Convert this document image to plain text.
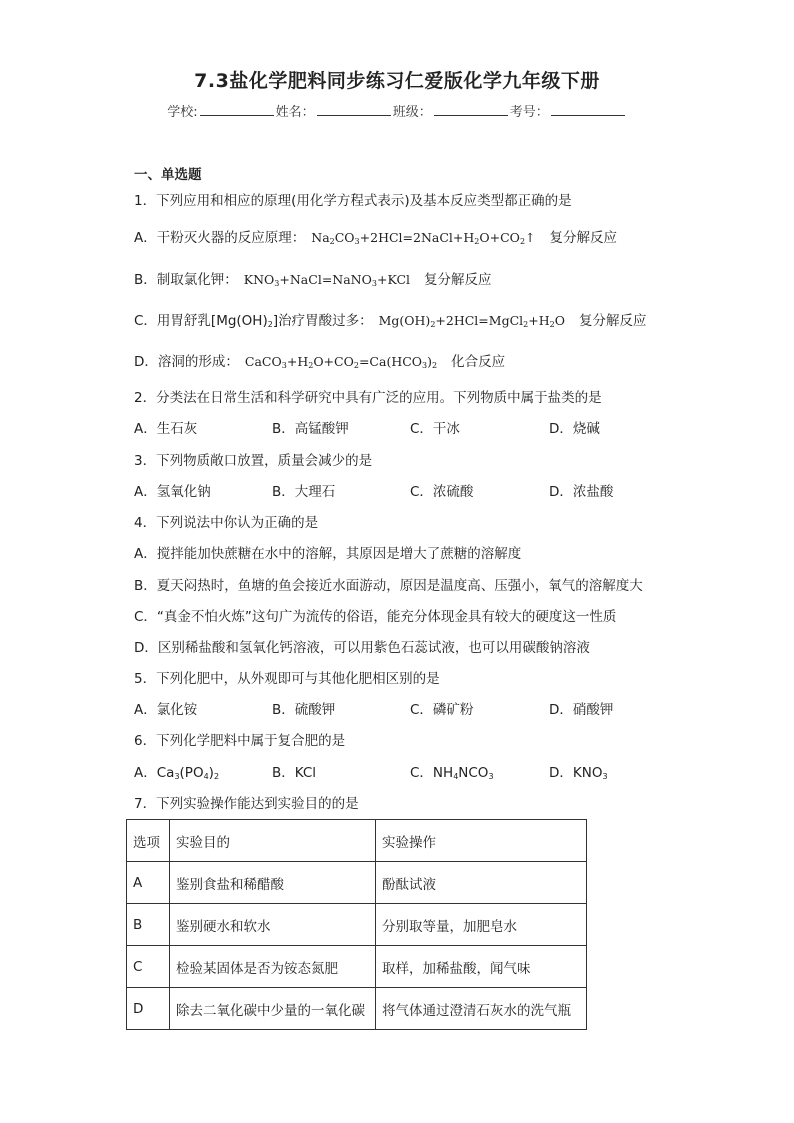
7.3盐化学肥料同步练习仁爱版化学九年级下册
学校:	姓名：	班级：	考号：
一、单选题
1．下列应用和相应的原理(用化学方程式表示)及基本反应类型都正确的是
A．干粉灭火器的反应原理： $Na_2CO_3+2HCl=2NaCl+H_2O+CO_2↑$ 复分解反应
B．制取氯化钾： $KNO_3+NaCl=NaNO_3+KCl$ 复分解反应
C．用胃舒乳$[Mg(OH)_2]$治疗胃酸过多： $Mg(OH)_2+2HCl=MgCl_2+H_2O$ 复分解反应
D．溶洞的形成： $CaCO_3+H_2O+CO_2=Ca(HCO_3)_2$ 化合反应
2．分类法在日常生活和科学研究中具有广泛的应用。下列物质中属于盐类的是
A．生石灰	B．高锰酸钾	C．干冰	D．烧碱
3．下列物质敞口放置，质量会减少的是
A．氢氧化钠	B．大理石	C．浓硫酸	D．浓盐酸
4．下列说法中你认为正确的是
A．搅拌能加快蔗糖在水中的溶解，其原因是增大了蔗糖的溶解度
B．夏天闷热时，鱼塘的鱼会接近水面游动，原因是温度高、压强小，氧气的溶解度大
C．“真金不怕火炼”这句广为流传的俗语，能充分体现金具有较大的硬度这一性质
D．区别稀盐酸和氢氧化钙溶液，可以用紫色石蕊试液，也可以用碳酸钠溶液
5．下列化肥中，从外观即可与其他化肥相区别的是
A．氯化铵	B．硫酸钾	C．磷矿粉	D．硝酸钾
6．下列化学肥料中属于复合肥的是
A．$Ca_3(PO_4)_2$	B．KCl	C．$NH_4NCO_3$	D．$KNO_3$
7．下列实验操作能达到实验目的的是
选项	实验目的	实验操作
A	鉴别食盐和稀醋酸	酚酞试液
B	鉴别硬水和软水	分别取等量，加肥皂水
C	检验某固体是否为铵态氮肥	取样，加稀盐酸，闻气味
D	除去二氧化碳中少量的一氧化碳	将气体通过澄清石灰水的洗气瓶
